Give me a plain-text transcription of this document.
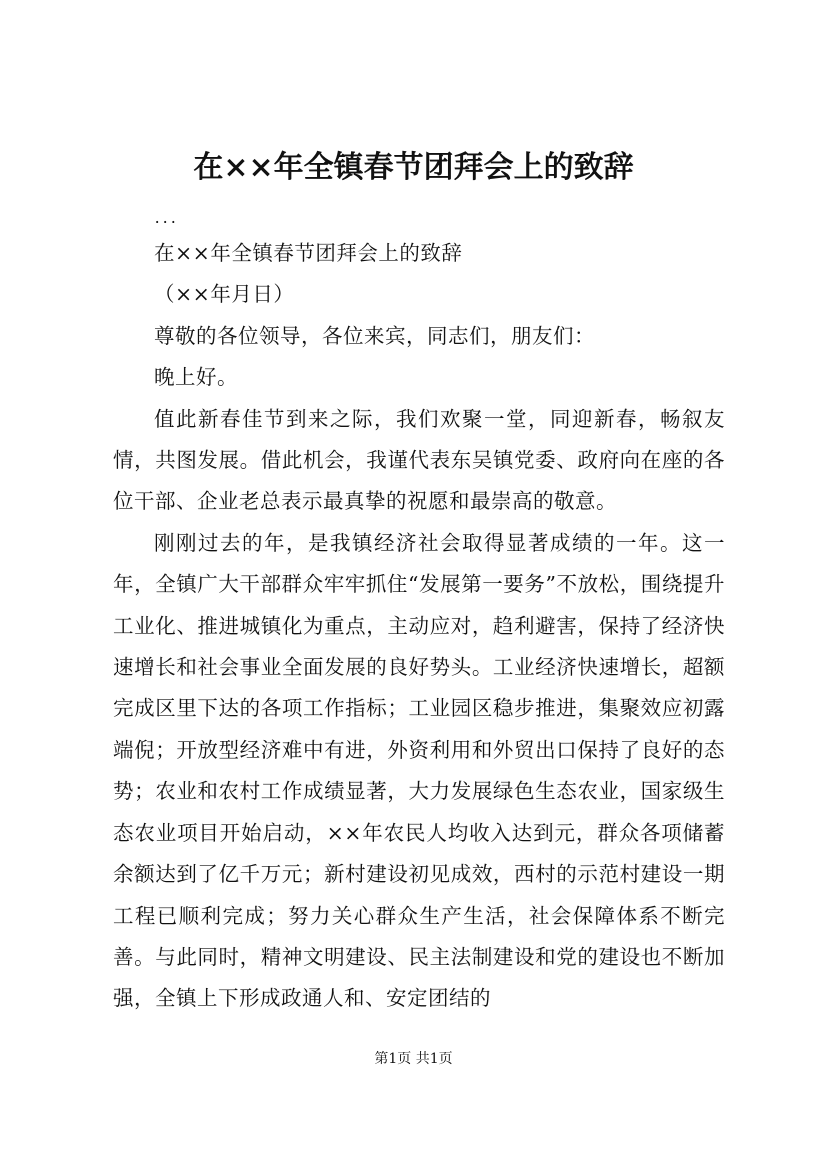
在××年全镇春节团拜会上的致辞

...

在××年全镇春节团拜会上的致辞

（××年月日）

尊敬的各位领导，各位来宾，同志们，朋友们：

晚上好。

值此新春佳节到来之际，我们欢聚一堂，同迎新春，畅叙友情，共图发展。借此机会，我谨代表东吴镇党委、政府向在座的各位干部、企业老总表示最真挚的祝愿和最崇高的敬意。

刚刚过去的年，是我镇经济社会取得显著成绩的一年。这一年，全镇广大干部群众牢牢抓住“发展第一要务”不放松，围绕提升工业化、推进城镇化为重点，主动应对，趋利避害，保持了经济快速增长和社会事业全面发展的良好势头。工业经济快速增长，超额完成区里下达的各项工作指标；工业园区稳步推进，集聚效应初露端倪；开放型经济难中有进，外资利用和外贸出口保持了良好的态势；农业和农村工作成绩显著，大力发展绿色生态农业，国家级生态农业项目开始启动，××年农民人均收入达到元，群众各项储蓄余额达到了亿千万元；新村建设初见成效，西村的示范村建设一期工程已顺利完成；努力关心群众生产生活，社会保障体系不断完善。与此同时，精神文明建设、民主法制建设和党的建设也不断加强，全镇上下形成政通人和、安定团结的

第1页 共1页
